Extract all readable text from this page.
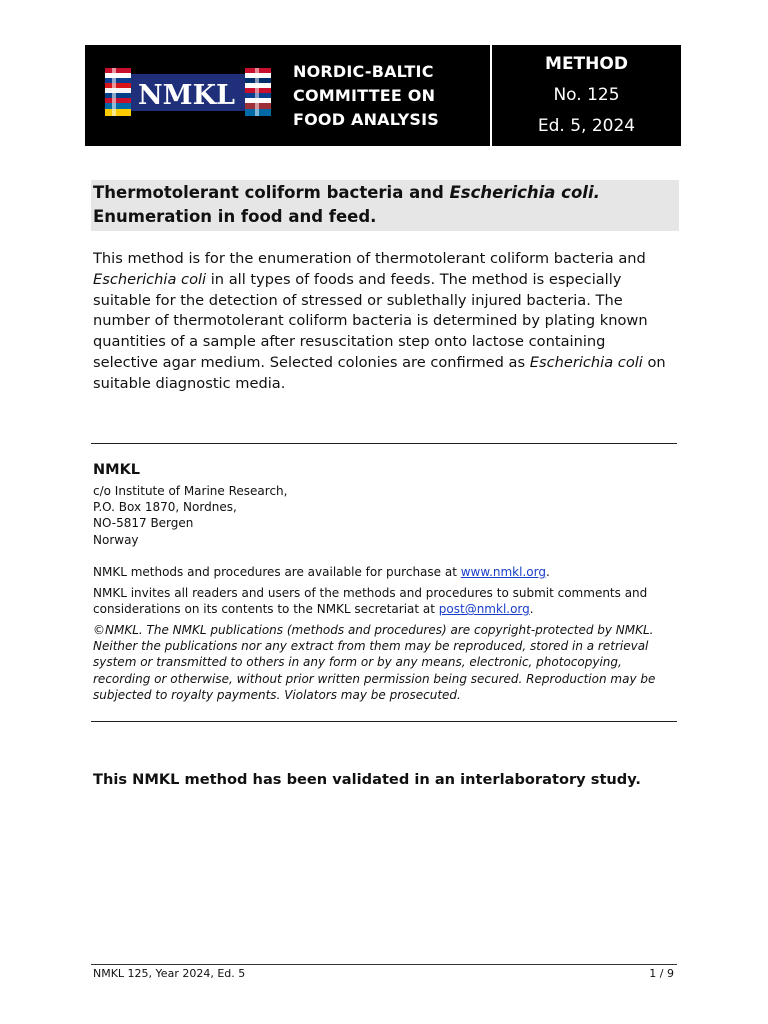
NMKL
NORDIC-BALTIC
COMMITTEE ON
FOOD ANALYSIS
METHOD
No. 125
Ed. 5, 2024
Thermotolerant coliform bacteria and Escherichia coli. Enumeration in food and feed.
This method is for the enumeration of thermotolerant coliform bacteria and Escherichia coli in all types of foods and feeds. The method is especially suitable for the detection of stressed or sublethally injured bacteria. The number of thermotolerant coliform bacteria is determined by plating known quantities of a sample after resuscitation step onto lactose containing selective agar medium. Selected colonies are confirmed as Escherichia coli on suitable diagnostic media.
NMKL
c/o Institute of Marine Research,
P.O. Box 1870, Nordnes,
NO-5817 Bergen
Norway
NMKL methods and procedures are available for purchase at www.nmkl.org.
NMKL invites all readers and users of the methods and procedures to submit comments and considerations on its contents to the NMKL secretariat at post@nmkl.org.
©NMKL. The NMKL publications (methods and procedures) are copyright-protected by NMKL. Neither the publications nor any extract from them may be reproduced, stored in a retrieval system or transmitted to others in any form or by any means, electronic, photocopying, recording or otherwise, without prior written permission being secured. Reproduction may be subjected to royalty payments. Violators may be prosecuted.
This NMKL method has been validated in an interlaboratory study.
NMKL 125, Year 2024, Ed. 5	1 / 9
